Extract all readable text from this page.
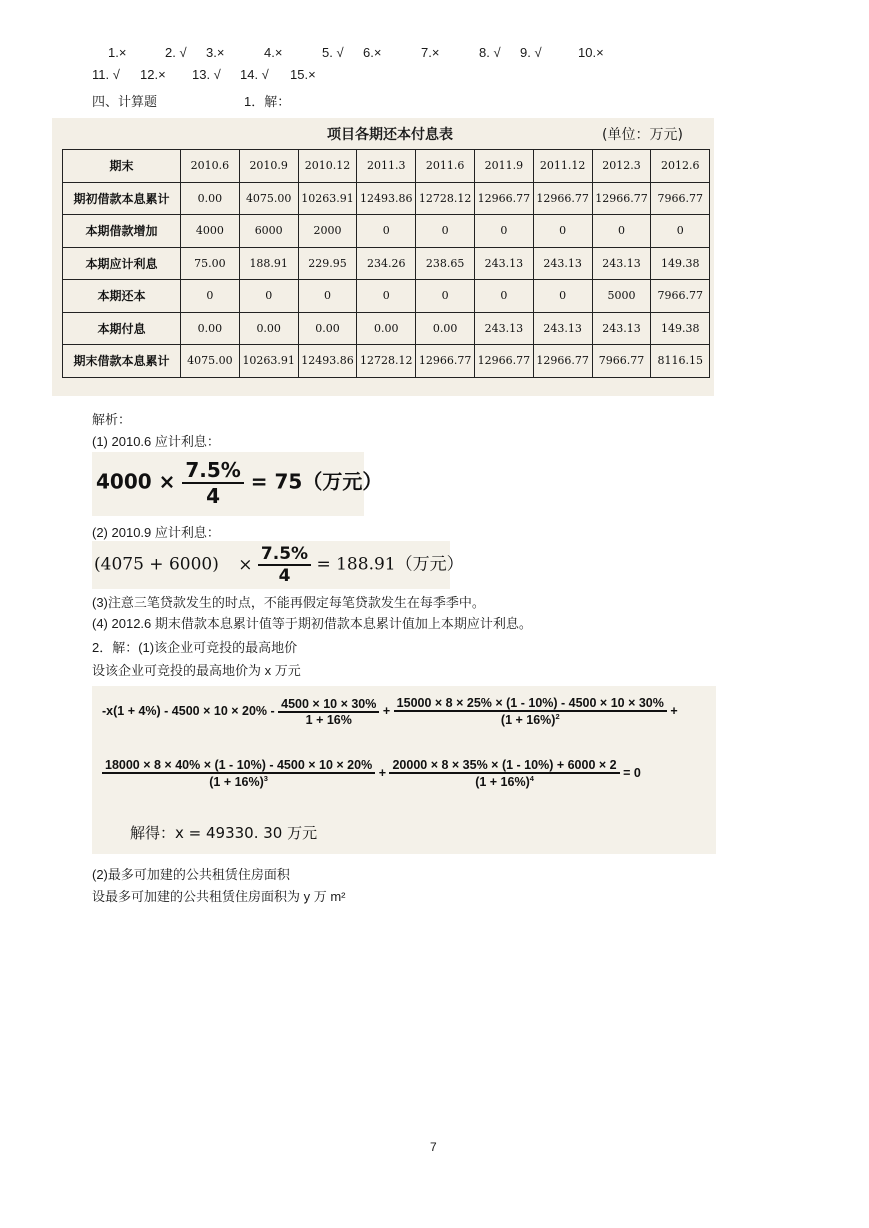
1.×	2. √ 3.×	4.×	5. √ 6.×	7.×	8. √ 9. √	10.×
11. √ 12.× 13. √ 14. √ 15.×
四、计算题	1．解：
项目各期还本付息表	(单位：万元)
期末	2010.6	2010.9	2010.12	2011.3	2011.6	2011.9	2011.12	2012.3	2012.6
期初借款本息累计	0.00	4075.00	10263.91	12493.86	12728.12	12966.77	12966.77	12966.77	7966.77
本期借款增加	4000	6000	2000	0	0	0	0	0	0
本期应计利息	75.00	188.91	229.95	234.26	238.65	243.13	243.13	243.13	149.38
本期还本	0	0	0	0	0	0	0	5000	7966.77
本期付息	0.00	0.00	0.00	0.00	0.00	243.13	243.13	243.13	149.38
期末借款本息累计	4075.00	10263.91	12493.86	12728.12	12966.77	12966.77	12966.77	7966.77	8116.15
解析：
(1) 2010.6 应计利息：
$4000 \times \frac{7.5\%}{4} = 75$（万元）
(2) 2010.9 应计利息：
$(4075 + 6000) \times \frac{7.5\%}{4} = 188.91$（万元）
(3)注意三笔贷款发生的时点，不能再假定每笔贷款发生在每季季中。
(4) 2012.6 期末借款本息累计值等于期初借款本息累计值加上本期应计利息。
2．解：(1)该企业可竞投的最高地价
设该企业可竞投的最高地价为 x 万元
$-x(1 + 4\%) - 4500 \times 10 \times 20\% - \frac{4500 \times 10 \times 30\%}{1 + 16\%} + \frac{15000 \times 8 \times 25\% \times (1 - 10\%) - 4500 \times 10 \times 30\%}{(1 + 16\%)^2}$ +
$\frac{18000 \times 8 \times 40\% \times (1 - 10\%) - 4500 \times 10 \times 20\%}{(1 + 16\%)^3} + \frac{20000 \times 8 \times 35\% \times (1 - 10\%) + 6000 \times 2}{(1 + 16\%)^4} = 0$
解得：x = 49330. 30 万元
(2)最多可加建的公共租赁住房面积
设最多可加建的公共租赁住房面积为 y 万 m²
7
